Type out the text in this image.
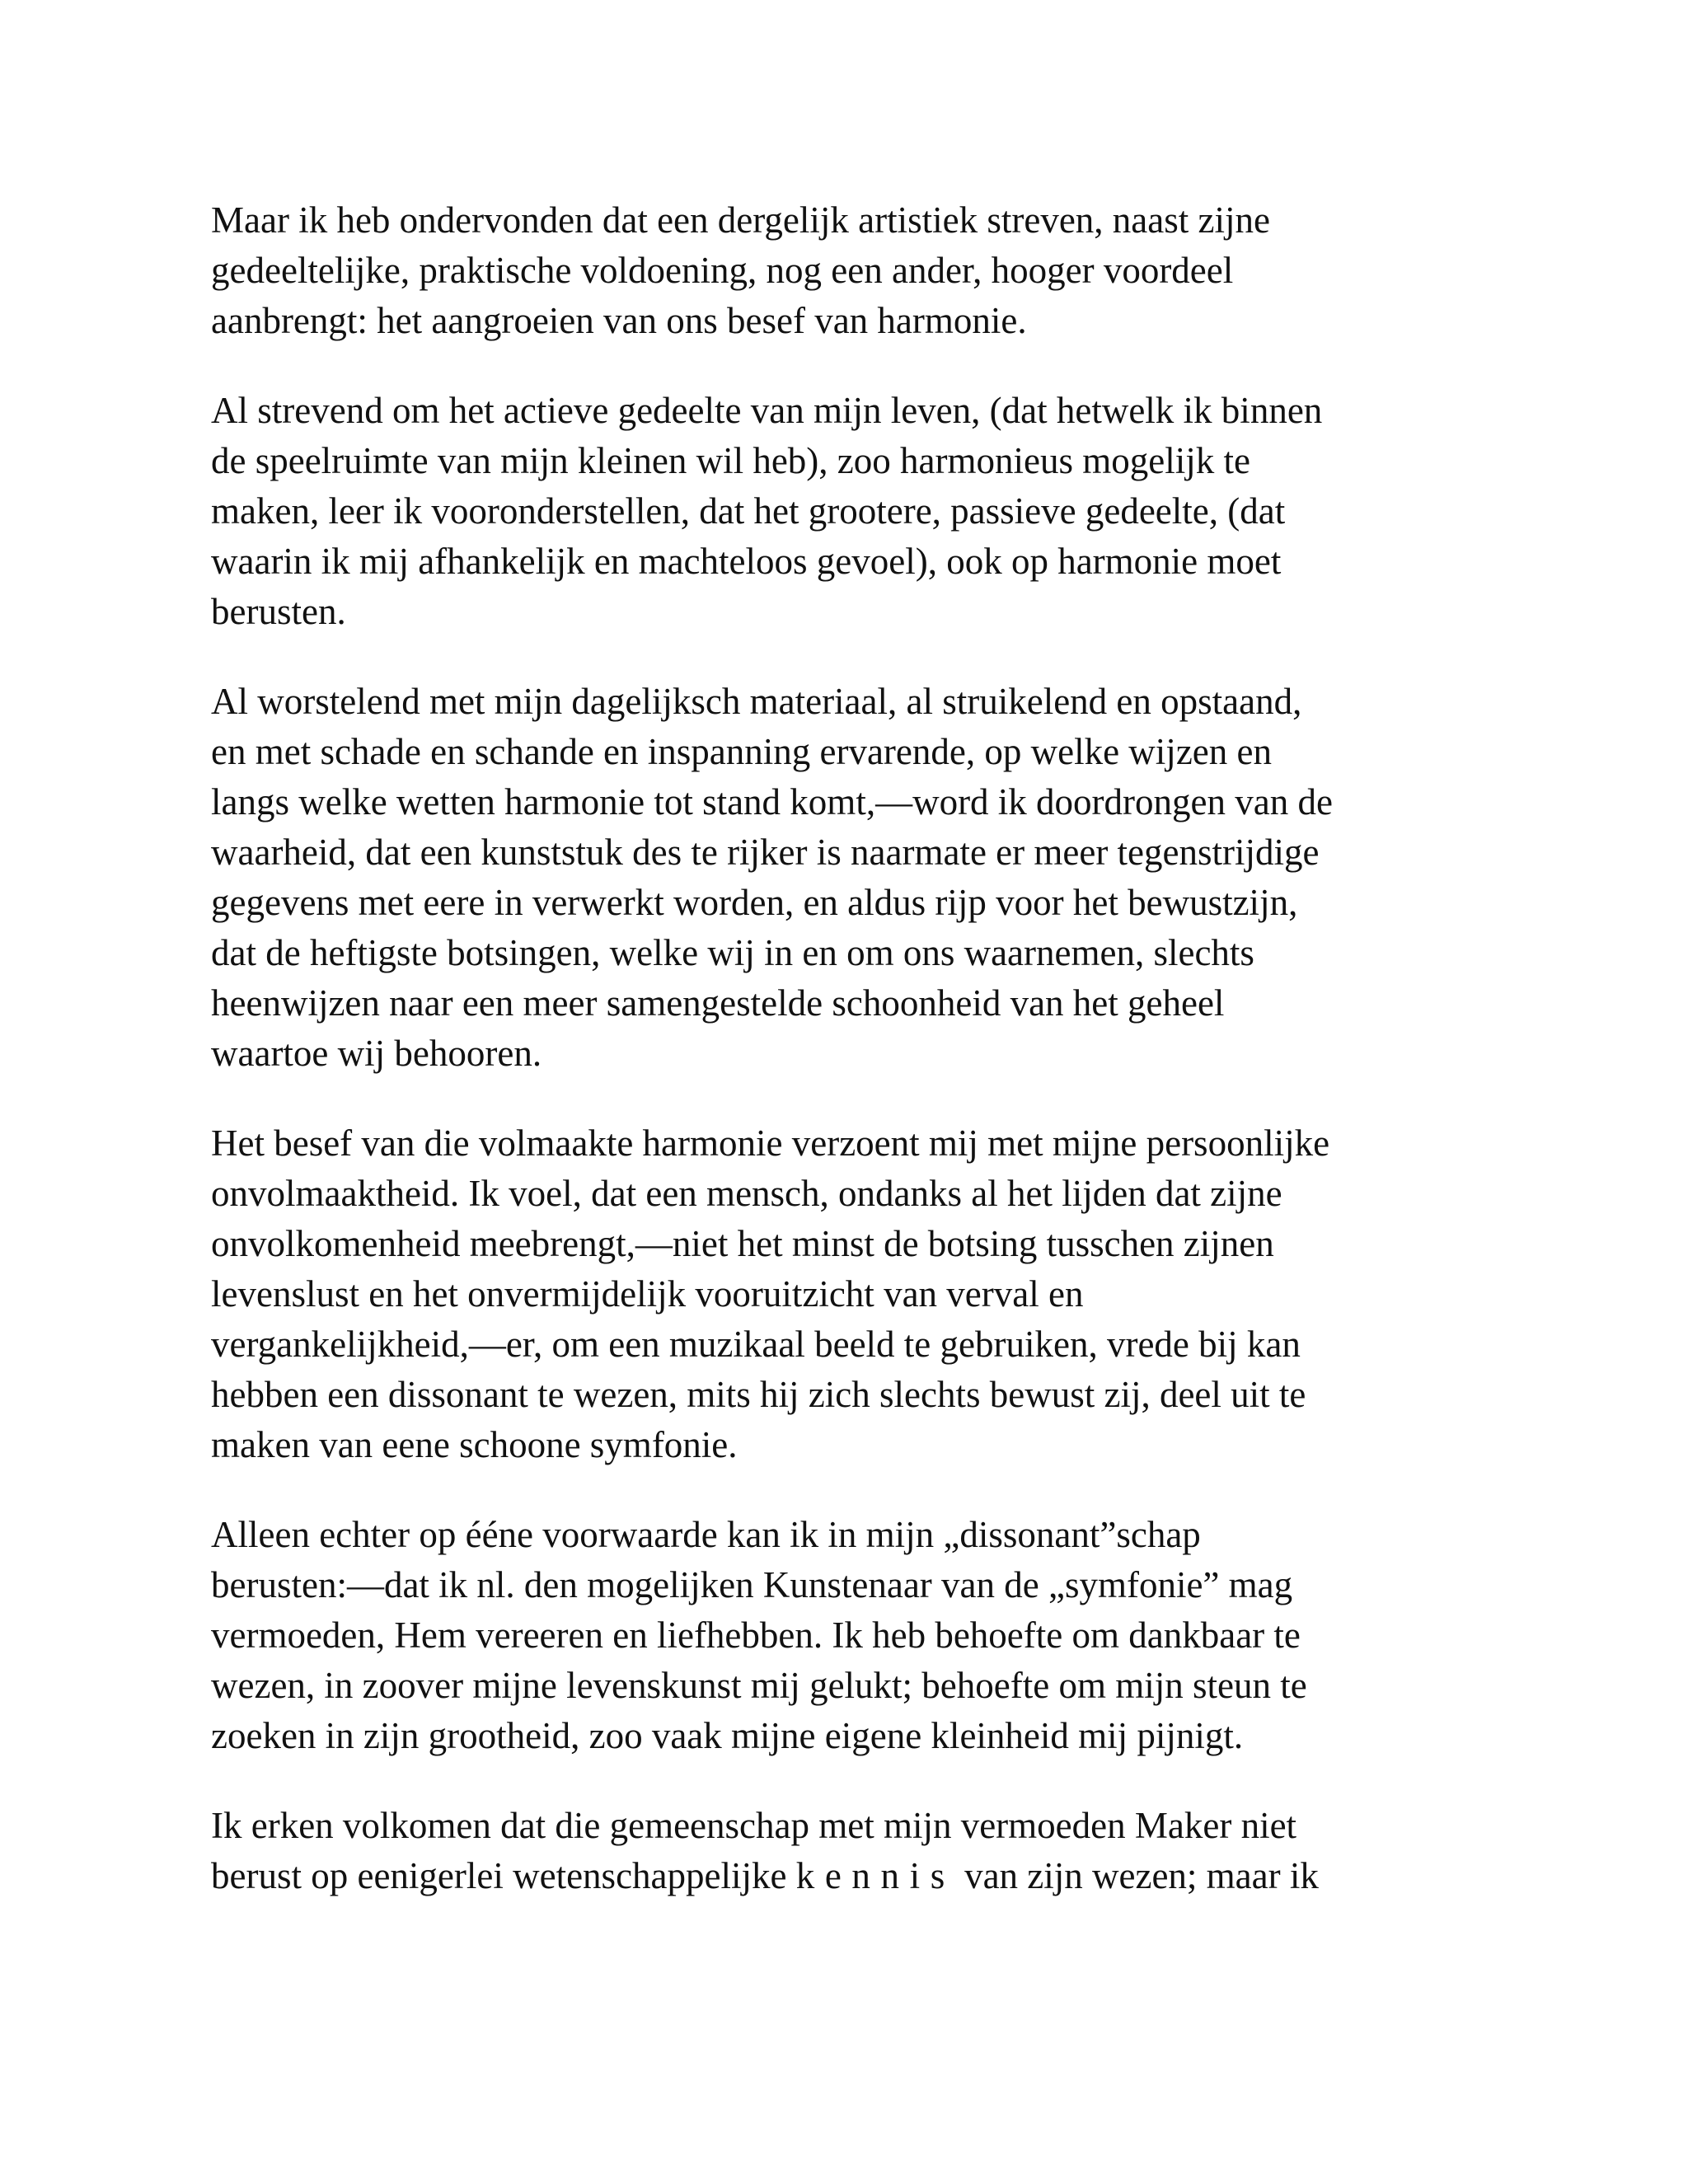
Maar ik heb ondervonden dat een dergelijk artistiek streven, naast zijne
gedeeltelijke, praktische voldoening, nog een ander, hooger voordeel
aanbrengt: het aangroeien van ons besef van harmonie.

Al strevend om het actieve gedeelte van mijn leven, (dat hetwelk ik binnen
de speelruimte van mijn kleinen wil heb), zoo harmonieus mogelijk te
maken, leer ik vooronderstellen, dat het grootere, passieve gedeelte, (dat
waarin ik mij afhankelijk en machteloos gevoel), ook op harmonie moet
berusten.

Al worstelend met mijn dagelijksch materiaal, al struikelend en opstaand,
en met schade en schande en inspanning ervarende, op welke wijzen en
langs welke wetten harmonie tot stand komt,—word ik doordrongen van de
waarheid, dat een kunststuk des te rijker is naarmate er meer tegenstrijdige
gegevens met eere in verwerkt worden, en aldus rijp voor het bewustzijn,
dat de heftigste botsingen, welke wij in en om ons waarnemen, slechts
heenwijzen naar een meer samengestelde schoonheid van het geheel
waartoe wij behooren.

Het besef van die volmaakte harmonie verzoent mij met mijne persoonlijke
onvolmaaktheid. Ik voel, dat een mensch, ondanks al het lijden dat zijne
onvolkomenheid meebrengt,—niet het minst de botsing tusschen zijnen
levenslust en het onvermijdelijk vooruitzicht van verval en
vergankelijkheid,—er, om een muzikaal beeld te gebruiken, vrede bij kan
hebben een dissonant te wezen, mits hij zich slechts bewust zij, deel uit te
maken van eene schoone symfonie.

Alleen echter op ééne voorwaarde kan ik in mijn „dissonant”schap
berusten:—dat ik nl. den mogelijken Kunstenaar van de „symfonie” mag
vermoeden, Hem vereeren en liefhebben. Ik heb behoefte om dankbaar te
wezen, in zoover mijne levenskunst mij gelukt; behoefte om mijn steun te
zoeken in zijn grootheid, zoo vaak mijne eigene kleinheid mij pijnigt.

Ik erken volkomen dat die gemeenschap met mijn vermoeden Maker niet
berust op eenigerlei wetenschappelijke kennis van zijn wezen; maar ik
